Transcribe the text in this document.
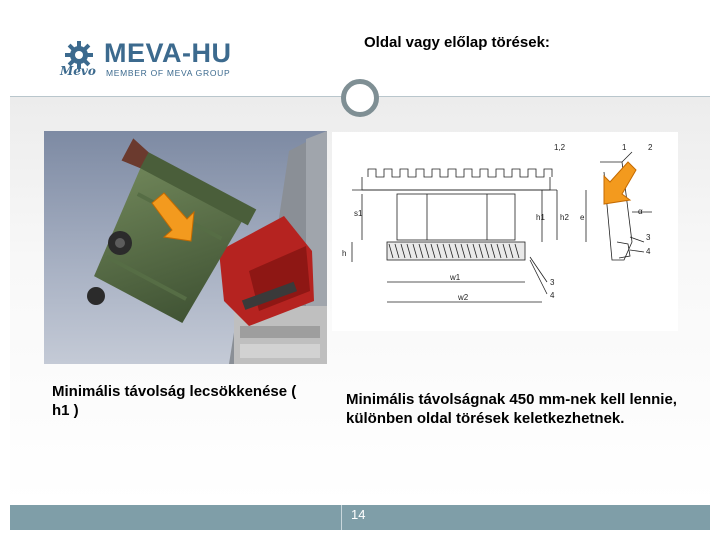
MEVA-HU
MEMBER OF MEVA GROUP
Mevo
Oldal vagy előlap törések:
1,2	1	2
α
3
4
3
4
h1 h2 e
s1
h
w1
w2
Minimális távolság lecsökkenése ( h1 )
Minimális távolságnak 450 mm-nek kell lennie, különben oldal törések keletkezhetnek.
14
